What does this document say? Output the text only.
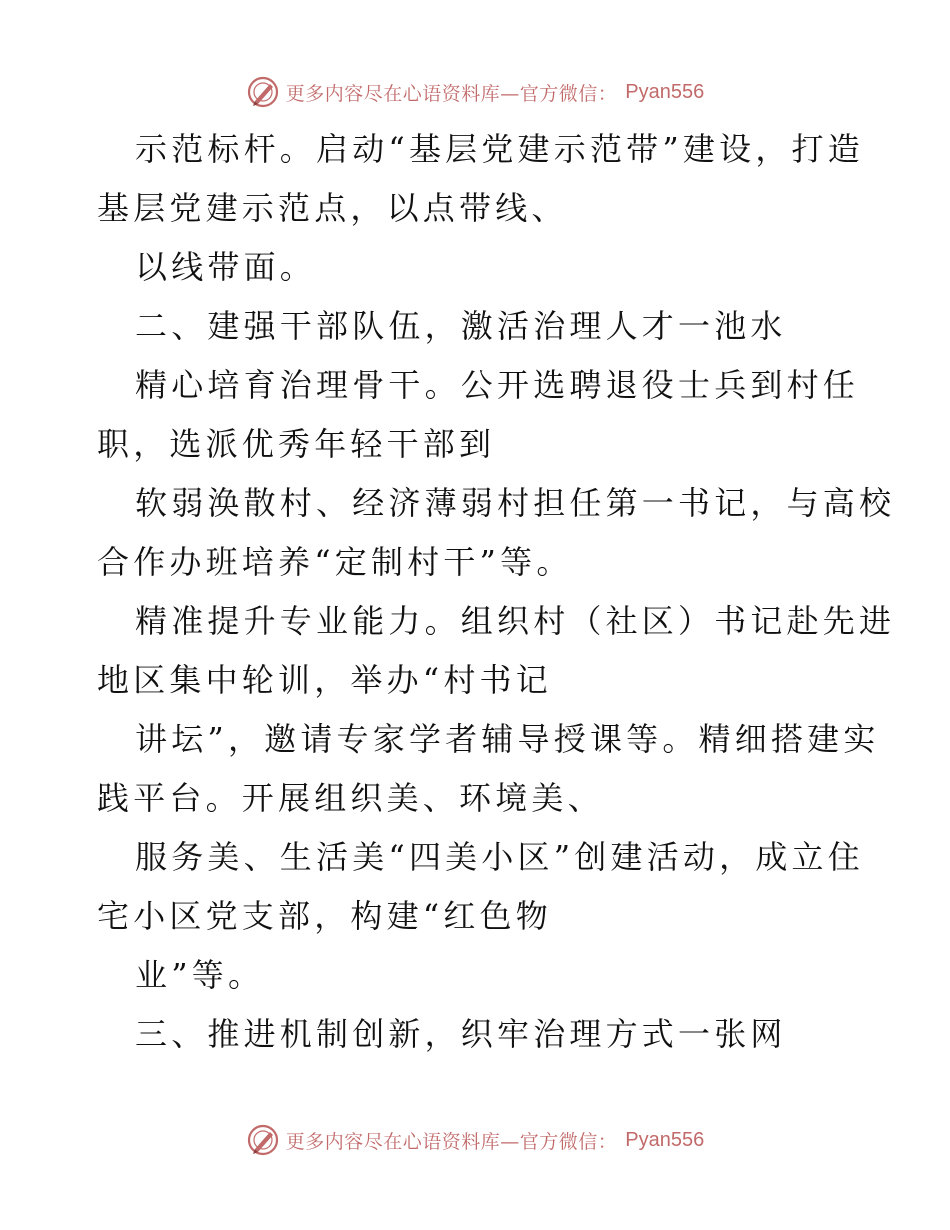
更多内容尽在心语资料库—官方微信： Pyan556
示范标杆。启动“基层党建示范带”建设，打造
基层党建示范点，以点带线、
以线带面。
二、建强干部队伍，激活治理人才一池水
精心培育治理骨干。公开选聘退役士兵到村任
职，选派优秀年轻干部到
软弱涣散村、经济薄弱村担任第一书记，与高校
合作办班培养“定制村干”等。
精准提升专业能力。组织村（社区）书记赴先进
地区集中轮训，举办“村书记
讲坛”，邀请专家学者辅导授课等。精细搭建实
践平台。开展组织美、环境美、
服务美、生活美“四美小区”创建活动，成立住
宅小区党支部，构建“红色物
业”等。
三、推进机制创新，织牢治理方式一张网
更多内容尽在心语资料库—官方微信： Pyan556
